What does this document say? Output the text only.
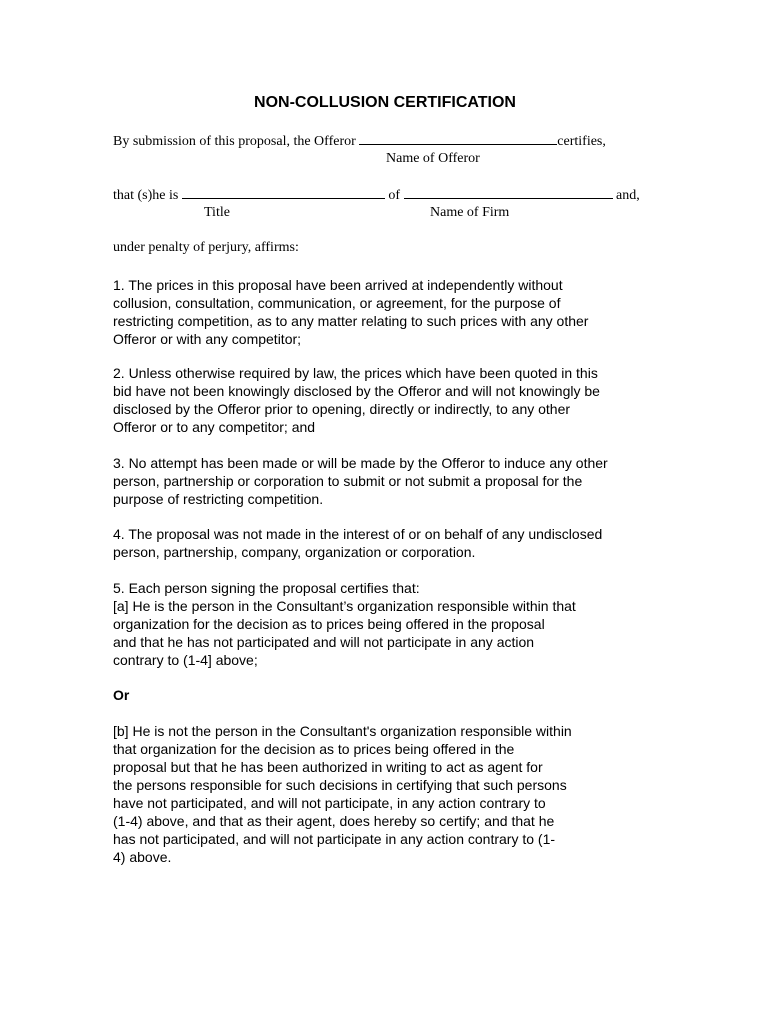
NON-COLLUSION CERTIFICATION
By submission of this proposal, the Offeror	certifies,
Name of Offeror
that (s)he is	of	and,
Title	Name of Firm
under penalty of perjury, affirms:

1. The prices in this proposal have been arrived at independently without

collusion, consultation, communication, or agreement, for the purpose of

restricting competition, as to any matter relating to such prices with any other

Offeror or with any competitor;

2. Unless otherwise required by law, the prices which have been quoted in this

bid have not been knowingly disclosed by the Offeror and will not knowingly be

disclosed by the Offeror prior to opening, directly or indirectly, to any other

Offeror or to any competitor; and

3. No attempt has been made or will be made by the Offeror to induce any other

person, partnership or corporation to submit or not submit a proposal for the

purpose of restricting competition.

4. The proposal was not made in the interest of or on behalf of any undisclosed

person, partnership, company, organization or corporation.

5. Each person signing the proposal certifies that:

[a] He is the person in the Consultant’s organization responsible within that

organization for the decision as to prices being offered in the proposal

and that he has not participated and will not participate in any action

contrary to (1-4] above;

Or

[b] He is not the person in the Consultant's organization responsible within

that organization for the decision as to prices being offered in the

proposal but that he has been authorized in writing to act as agent for

the persons responsible for such decisions in certifying that such persons

have not participated, and will not participate, in any action contrary to

(1-4) above, and that as their agent, does hereby so certify; and that he

has not participated, and will not participate in any action contrary to (1-

4) above.
